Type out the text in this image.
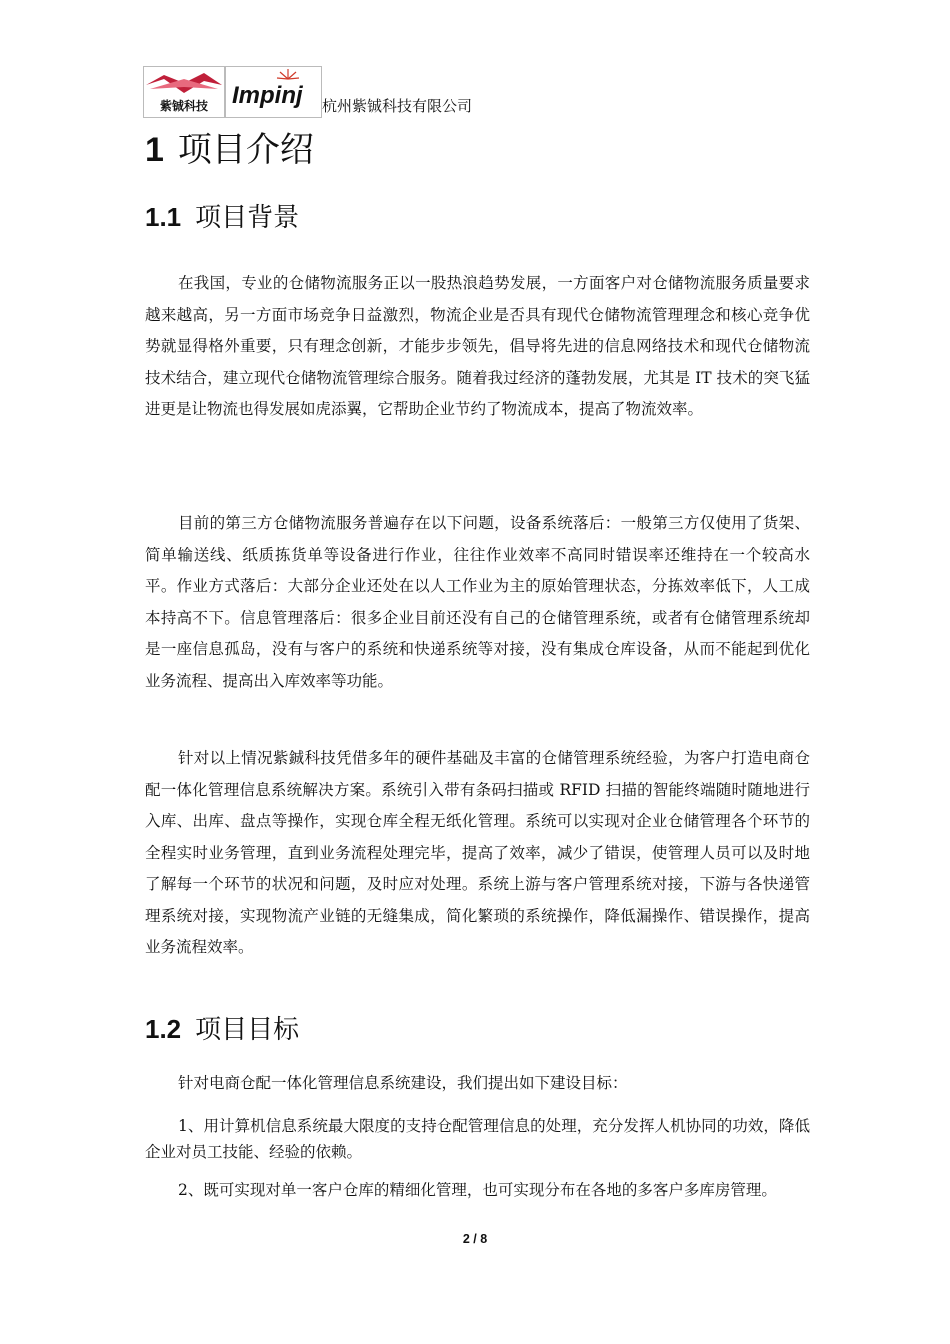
紫铖科技 Impinj 杭州紫铖科技有限公司
1 项目介绍
1.1 项目背景

在我国，专业的仓储物流服务正以一股热浪趋势发展，一方面客户对仓储物流服务质量要求越来越高，另一方面市场竞争日益激烈，物流企业是否具有现代仓储物流管理理念和核心竞争优势就显得格外重要，只有理念创新，才能步步领先，倡导将先进的信息网络技术和现代仓储物流技术结合，建立现代仓储物流管理综合服务。随着我过经济的蓬勃发展，尤其是 IT 技术的突飞猛进更是让物流也得发展如虎添翼，它帮助企业节约了物流成本，提高了物流效率。

目前的第三方仓储物流服务普遍存在以下问题，设备系统落后：一般第三方仅使用了货架、简单输送线、纸质拣货单等设备进行作业，往往作业效率不高同时错误率还维持在一个较高水平。作业方式落后：大部分企业还处在以人工作业为主的原始管理状态，分拣效率低下，人工成本持高不下。信息管理落后：很多企业目前还没有自己的仓储管理系统，或者有仓储管理系统却是一座信息孤岛，没有与客户的系统和快递系统等对接，没有集成仓库设备，从而不能起到优化业务流程、提高出入库效率等功能。

针对以上情况紫鋮科技凭借多年的硬件基础及丰富的仓储管理系统经验，为客户打造电商仓配一体化管理信息系统解决方案。系统引入带有条码扫描或 RFID 扫描的智能终端随时随地进行入库、出库、盘点等操作，实现仓库全程无纸化管理。系统可以实现对企业仓储管理各个环节的全程实时业务管理，直到业务流程处理完毕，提高了效率，减少了错误，使管理人员可以及时地了解每一个环节的状况和问题，及时应对处理。系统上游与客户管理系统对接，下游与各快递管理系统对接，实现物流产业链的无缝集成，简化繁琐的系统操作，降低漏操作、错误操作，提高业务流程效率。

1.2 项目目标

针对电商仓配一体化管理信息系统建设，我们提出如下建设目标：

1、用计算机信息系统最大限度的支持仓配管理信息的处理，充分发挥人机协同的功效，降低企业对员工技能、经验的依赖。

2、既可实现对单一客户仓库的精细化管理，也可实现分布在各地的多客户多库房管理。

2 / 8
